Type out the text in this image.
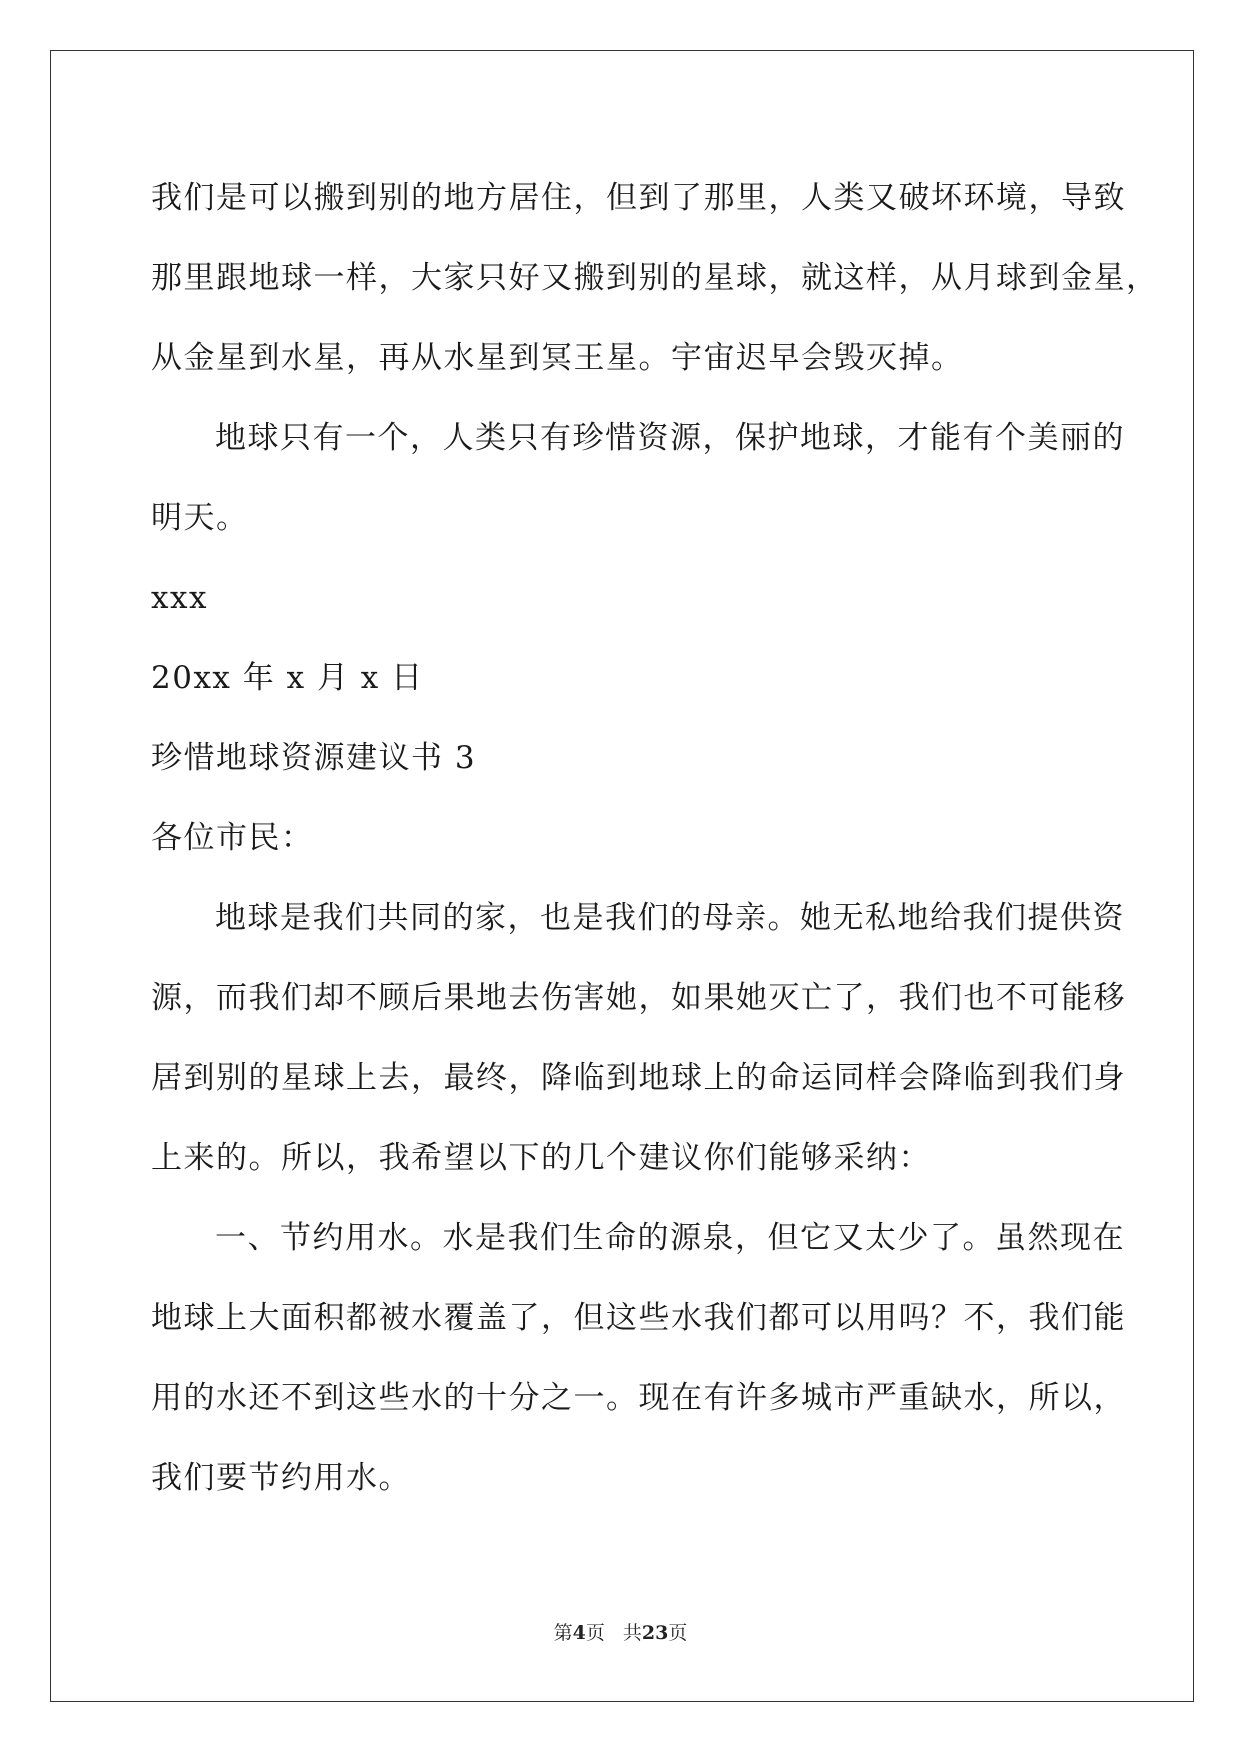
我们是可以搬到别的地方居住，但到了那里，人类又破坏环境，导致
那里跟地球一样，大家只好又搬到别的星球，就这样，从月球到金星，
从金星到水星，再从水星到冥王星。宇宙迟早会毁灭掉。
地球只有一个，人类只有珍惜资源，保护地球，才能有个美丽的
明天。
xxx
20xx 年 x 月 x 日
珍惜地球资源建议书 3
各位市民：
地球是我们共同的家，也是我们的母亲。她无私地给我们提供资
源，而我们却不顾后果地去伤害她，如果她灭亡了，我们也不可能移
居到别的星球上去，最终，降临到地球上的命运同样会降临到我们身
上来的。所以，我希望以下的几个建议你们能够采纳：
一、节约用水。水是我们生命的源泉，但它又太少了。虽然现在
地球上大面积都被水覆盖了，但这些水我们都可以用吗？不，我们能
用的水还不到这些水的十分之一。现在有许多城市严重缺水，所以，
我们要节约用水。
第4页 共23页
